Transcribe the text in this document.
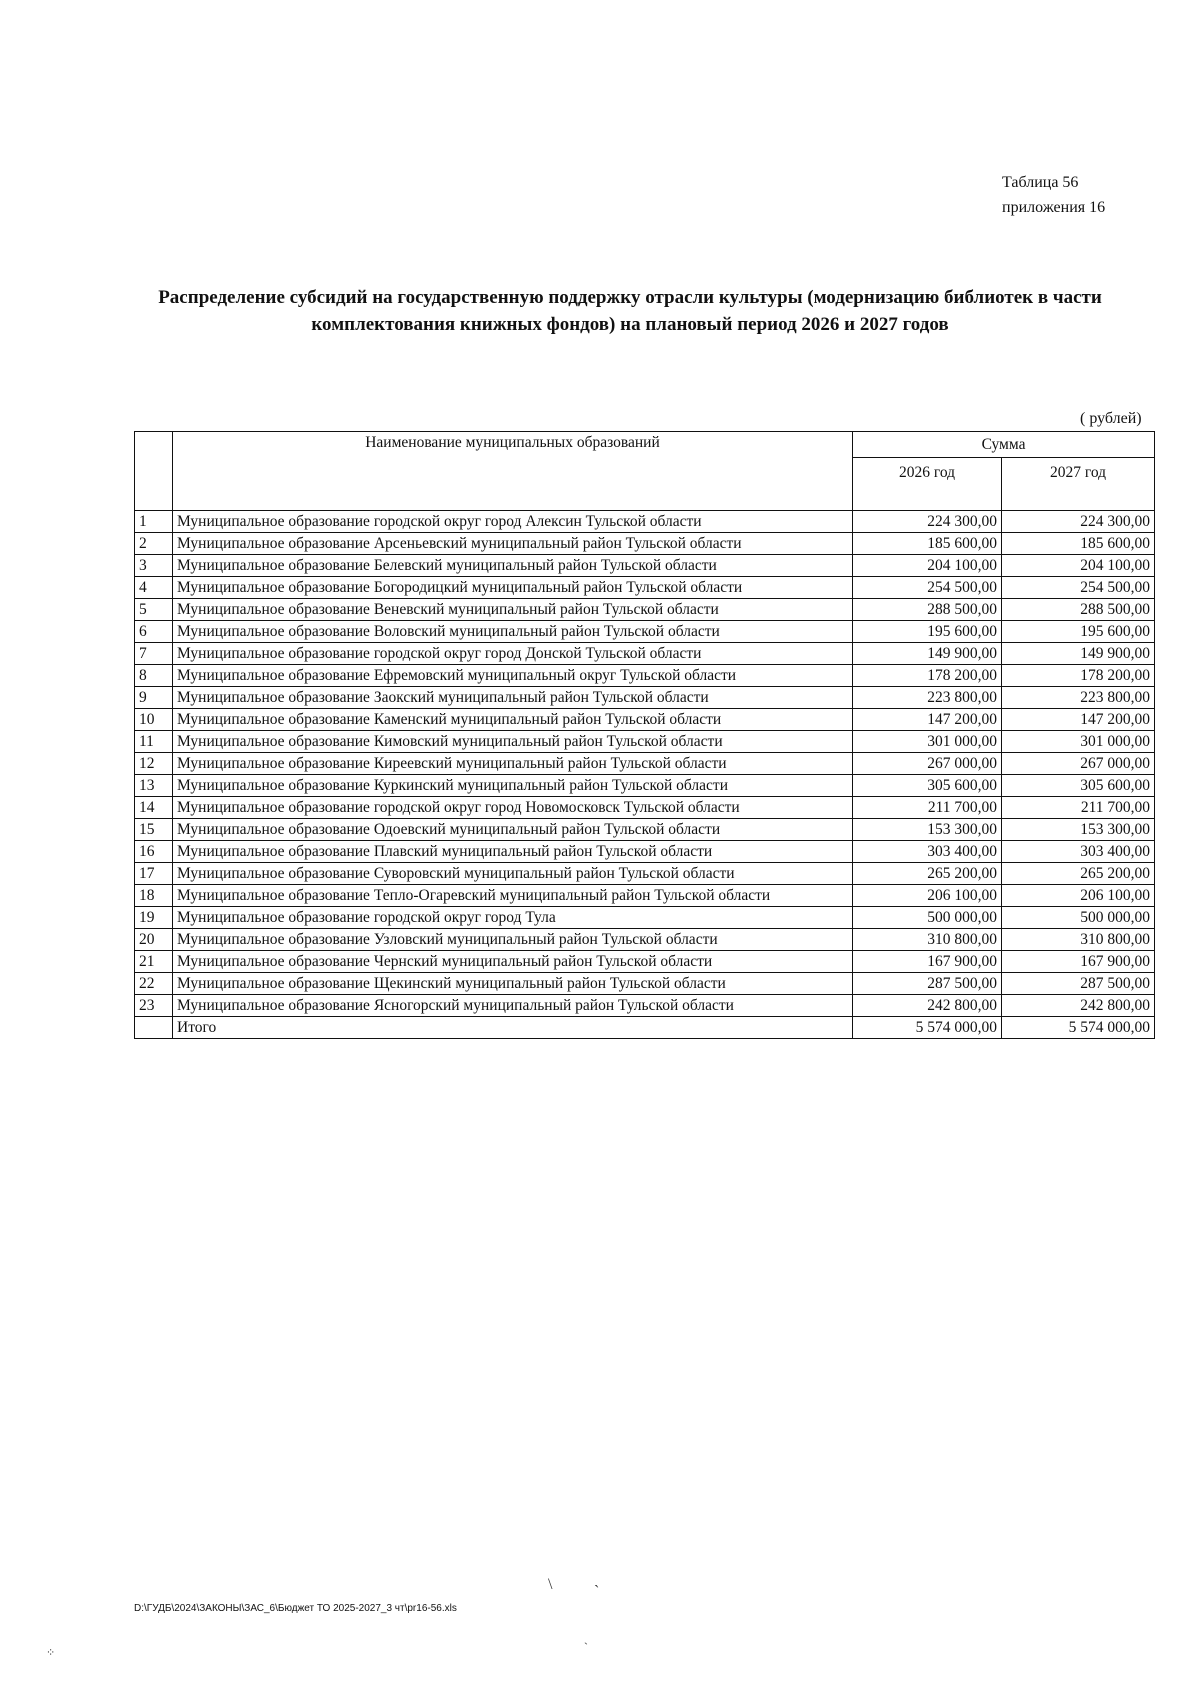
Таблица 56
приложения 16
Распределение субсидий на государственную поддержку отрасли культуры (модернизацию библиотек в части
комплектования книжных фондов) на плановый период 2026 и 2027 годов
( рублей)
	Наименование муниципальных образований	Сумма	
		2026 год	2027 год
1	Муниципальное образование городской округ город Алексин Тульской области	224 300,00	224 300,00
2	Муниципальное образование Арсеньевский муниципальный район Тульской области	185 600,00	185 600,00
3	Муниципальное образование Белевский муниципальный район Тульской области	204 100,00	204 100,00
4	Муниципальное образование Богородицкий муниципальный район Тульской области	254 500,00	254 500,00
5	Муниципальное образование Веневский муниципальный район Тульской области	288 500,00	288 500,00
6	Муниципальное образование Воловский муниципальный район Тульской области	195 600,00	195 600,00
7	Муниципальное образование городской округ город Донской Тульской области	149 900,00	149 900,00
8	Муниципальное образование Ефремовский муниципальный округ Тульской области	178 200,00	178 200,00
9	Муниципальное образование Заокский муниципальный район Тульской области	223 800,00	223 800,00
10	Муниципальное образование Каменский муниципальный район Тульской области	147 200,00	147 200,00
11	Муниципальное образование Кимовский муниципальный район Тульской области	301 000,00	301 000,00
12	Муниципальное образование Киреевский муниципальный район Тульской области	267 000,00	267 000,00
13	Муниципальное образование Куркинский муниципальный район Тульской области	305 600,00	305 600,00
14	Муниципальное образование городской округ город Новомосковск Тульской области	211 700,00	211 700,00
15	Муниципальное образование Одоевский муниципальный район Тульской области	153 300,00	153 300,00
16	Муниципальное образование Плавский муниципальный район Тульской области	303 400,00	303 400,00
17	Муниципальное образование Суворовский муниципальный район Тульской области	265 200,00	265 200,00
18	Муниципальное образование Тепло-Огаревский муниципальный район Тульской области	206 100,00	206 100,00
19	Муниципальное образование городской округ город Тула	500 000,00	500 000,00
20	Муниципальное образование Узловский муниципальный район Тульской области	310 800,00	310 800,00
21	Муниципальное образование Чернский муниципальный район Тульской области	167 900,00	167 900,00
22	Муниципальное образование Щекинский муниципальный район Тульской области	287 500,00	287 500,00
23	Муниципальное образование Ясногорский муниципальный район Тульской области	242 800,00	242 800,00
	Итого	5 574 000,00	5 574 000,00
D:\ГУДБ\2024\ЗАКОНЫ\ЗАС_6\Бюджет ТО 2025-2027_3 чт\pr16-56.xls
\	ˋ
ˋ
⁘
